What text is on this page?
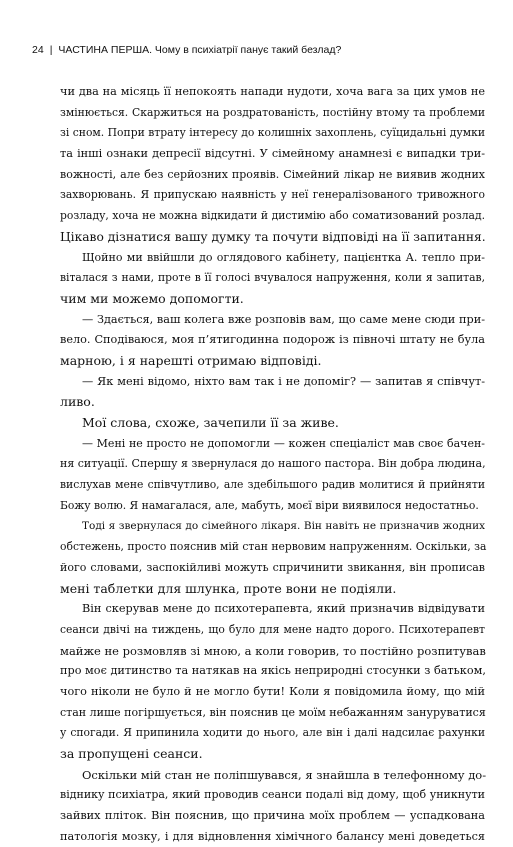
24 | ЧАСТИНА ПЕРША. Чому в психіатрії панує такий безлад?
чи два на місяць її непокоять напади нудоти, хоча вага за цих умов не
змінюється. Скаржиться на роздратованість, постійну втому та проблеми
зі сном. Попри втрату інтересу до колишніх захоплень, суїцидальні думки
та інші ознаки депресії відсутні. У сімейному анамнезі є випадки три-
вожності, але без серйозних проявів. Сімейний лікар не виявив жодних
захворювань. Я припускаю наявність у неї генералізованого тривожного
розладу, хоча не можна відкидати й дистимію або соматизований розлад.
Цікаво дізнатися вашу думку та почути відповіді на її запитання.
Щойно ми ввійшли до оглядового кабінету, пацієнтка А. тепло при-
віталася з нами, проте в її голосі вчувалося напруження, коли я запитав,
чим ми можемо допомогти.
— Здається, ваш колега вже розповів вам, що саме мене сюди при-
вело. Сподіваюся, моя п’ятигодинна подорож із півночі штату не була
марною, і я нарешті отримаю відповіді.
— Як мені відомо, ніхто вам так і не допоміг? — запитав я співчут-
ливо.
Мої слова, схоже, зачепили її за живе.
— Мені не просто не допомогли — кожен спеціаліст мав своє бачен-
ня ситуації. Спершу я звернулася до нашого пастора. Він добра людина,
вислухав мене співчутливо, але здебільшого радив молитися й прийняти
Божу волю. Я намагалася, але, мабуть, моєї віри виявилося недостатньо.
Тоді я звернулася до сімейного лікаря. Він навіть не призначив жодних
обстежень, просто пояснив мій стан нервовим напруженням. Оскільки, за
його словами, заспокійливі можуть спричинити звикання, він прописав
мені таблетки для шлунка, проте вони не подіяли.
Він скерував мене до психотерапевта, який призначив відвідувати
сеанси двічі на тиждень, що було для мене надто дорого. Психотерапевт
майже не розмовляв зі мною, а коли говорив, то постійно розпитував
про моє дитинство та натякав на якісь неприродні стосунки з батьком,
чого ніколи не було й не могло бути! Коли я повідомила йому, що мій
стан лише погіршується, він пояснив це моїм небажанням зануруватися
у спогади. Я припинила ходити до нього, але він і далі надсилає рахунки
за пропущені сеанси.
Оскільки мій стан не поліпшувався, я знайшла в телефонному до-
віднику психіатра, який проводив сеанси подалі від дому, щоб уникнути
зайвих пліток. Він пояснив, що причина моїх проблем — успадкована
патологія мозку, і для відновлення хімічного балансу мені доведеться
